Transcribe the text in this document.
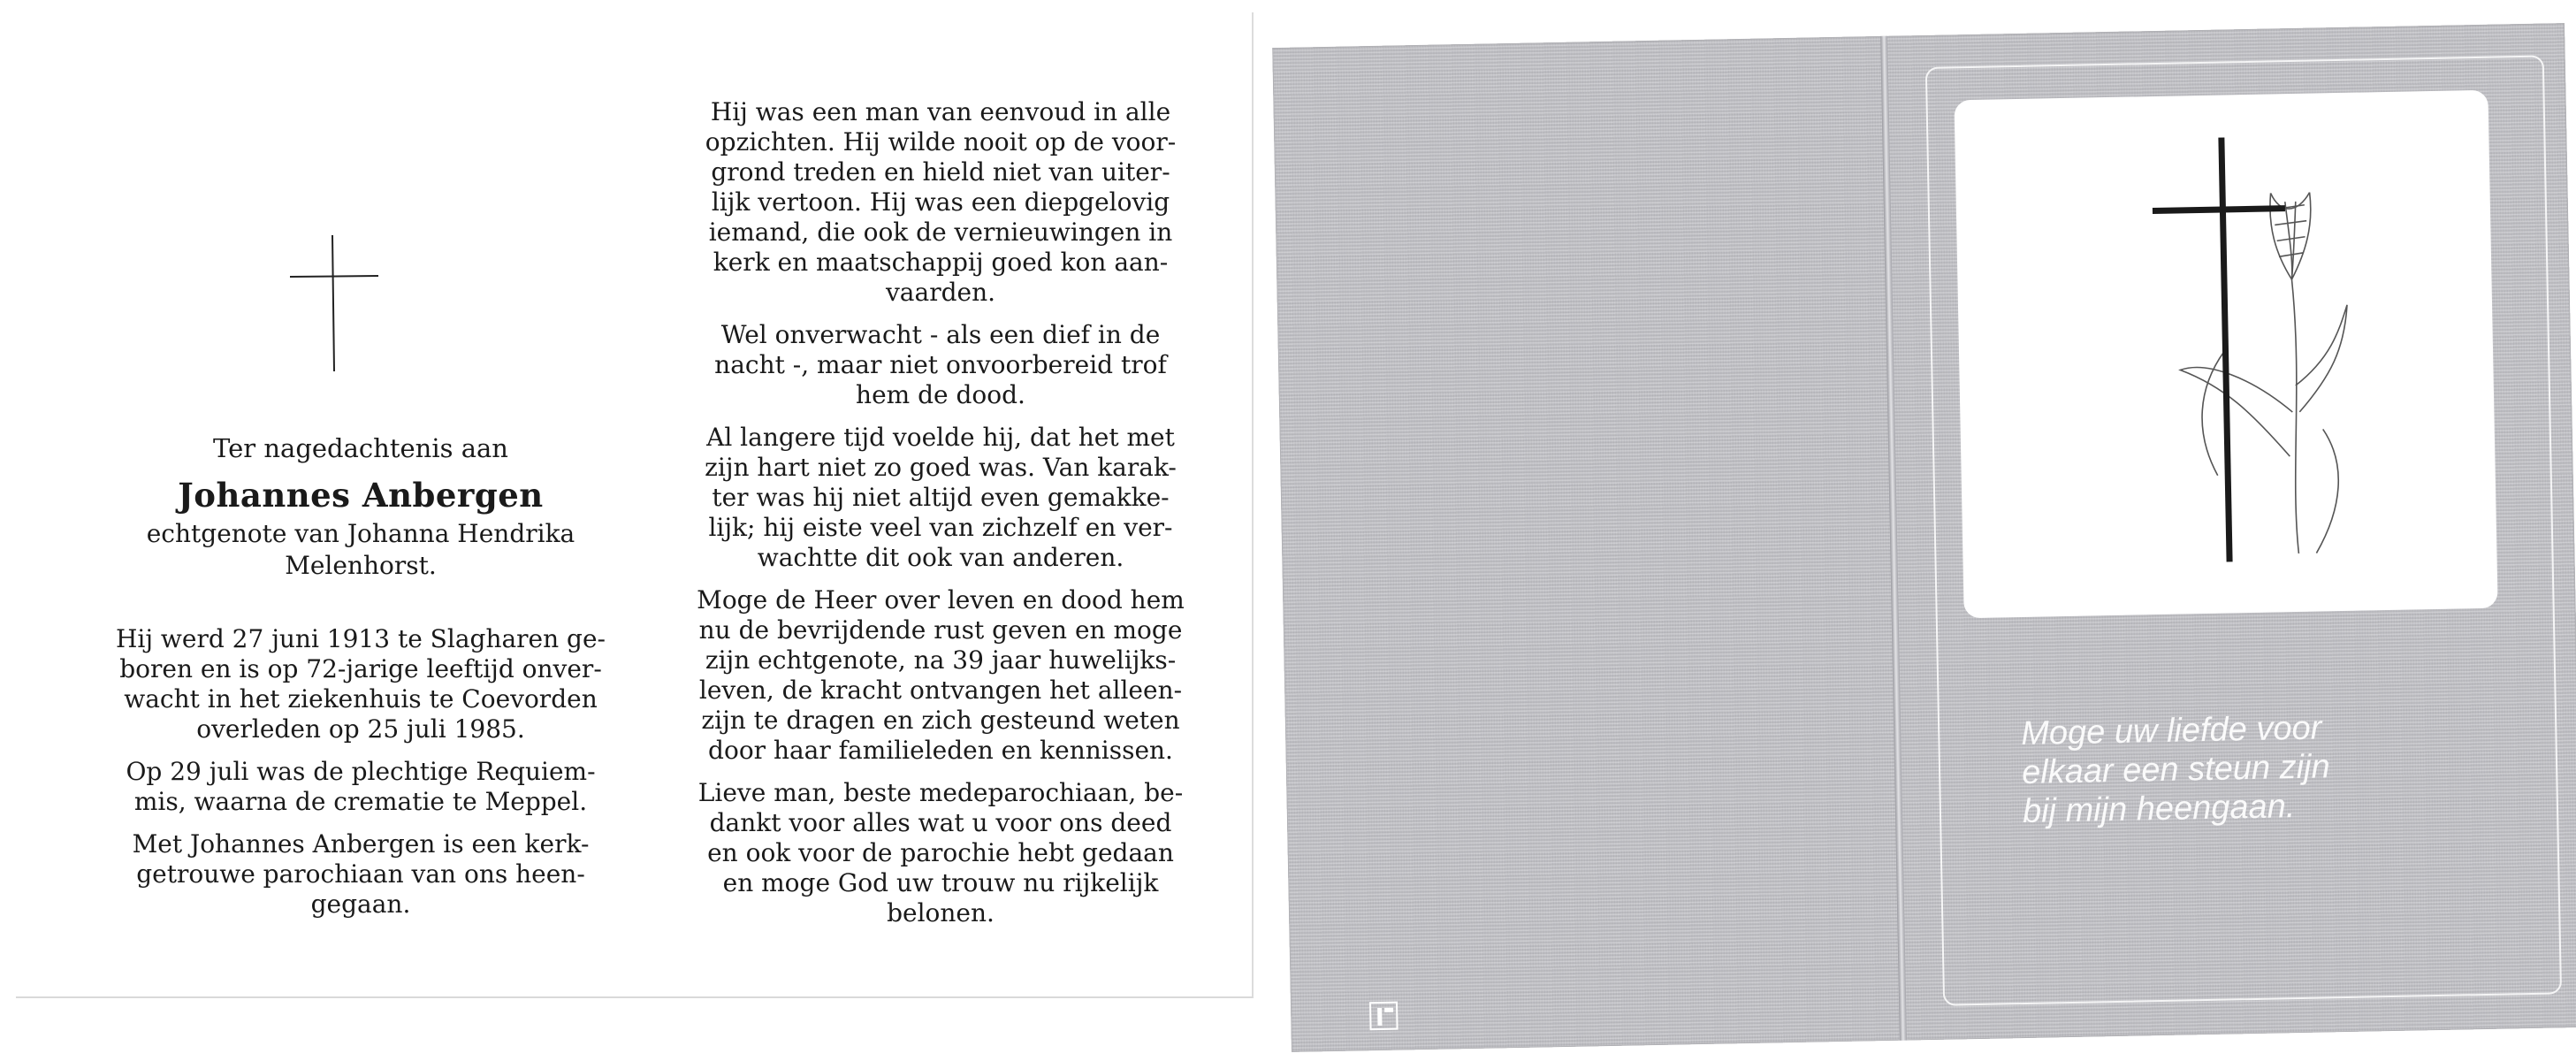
Ter nagedachtenis aan
Johannes Anbergen
echtgenote van Johanna Hendrika
Melenhorst.
Hij werd 27 juni 1913 te Slagharen ge-
boren en is op 72-jarige leeftijd onver-
wacht in het ziekenhuis te Coevorden
overleden op 25 juli 1985.
Op 29 juli was de plechtige Requiem-
mis, waarna de crematie te Meppel.
Met Johannes Anbergen is een kerk-
getrouwe parochiaan van ons heen-
gegaan.
Hij was een man van eenvoud in alle
opzichten. Hij wilde nooit op de voor-
grond treden en hield niet van uiter-
lijk vertoon. Hij was een diepgelovig
iemand, die ook de vernieuwingen in
kerk en maatschappij goed kon aan-
vaarden.
Wel onverwacht - als een dief in de
nacht -, maar niet onvoorbereid trof
hem de dood.
Al langere tijd voelde hij, dat het met
zijn hart niet zo goed was. Van karak-
ter was hij niet altijd even gemakke-
lijk; hij eiste veel van zichzelf en ver-
wachtte dit ook van anderen.
Moge de Heer over leven en dood hem
nu de bevrijdende rust geven en moge
zijn echtgenote, na 39 jaar huwelijks-
leven, de kracht ontvangen het alleen-
zijn te dragen en zich gesteund weten
door haar familieleden en kennissen.
Lieve man, beste medeparochiaan, be-
dankt voor alles wat u voor ons deed
en ook voor de parochie hebt gedaan
en moge God uw trouw nu rijkelijk
belonen.
Moge uw liefde voor
elkaar een steun zijn
bij mijn heengaan.
